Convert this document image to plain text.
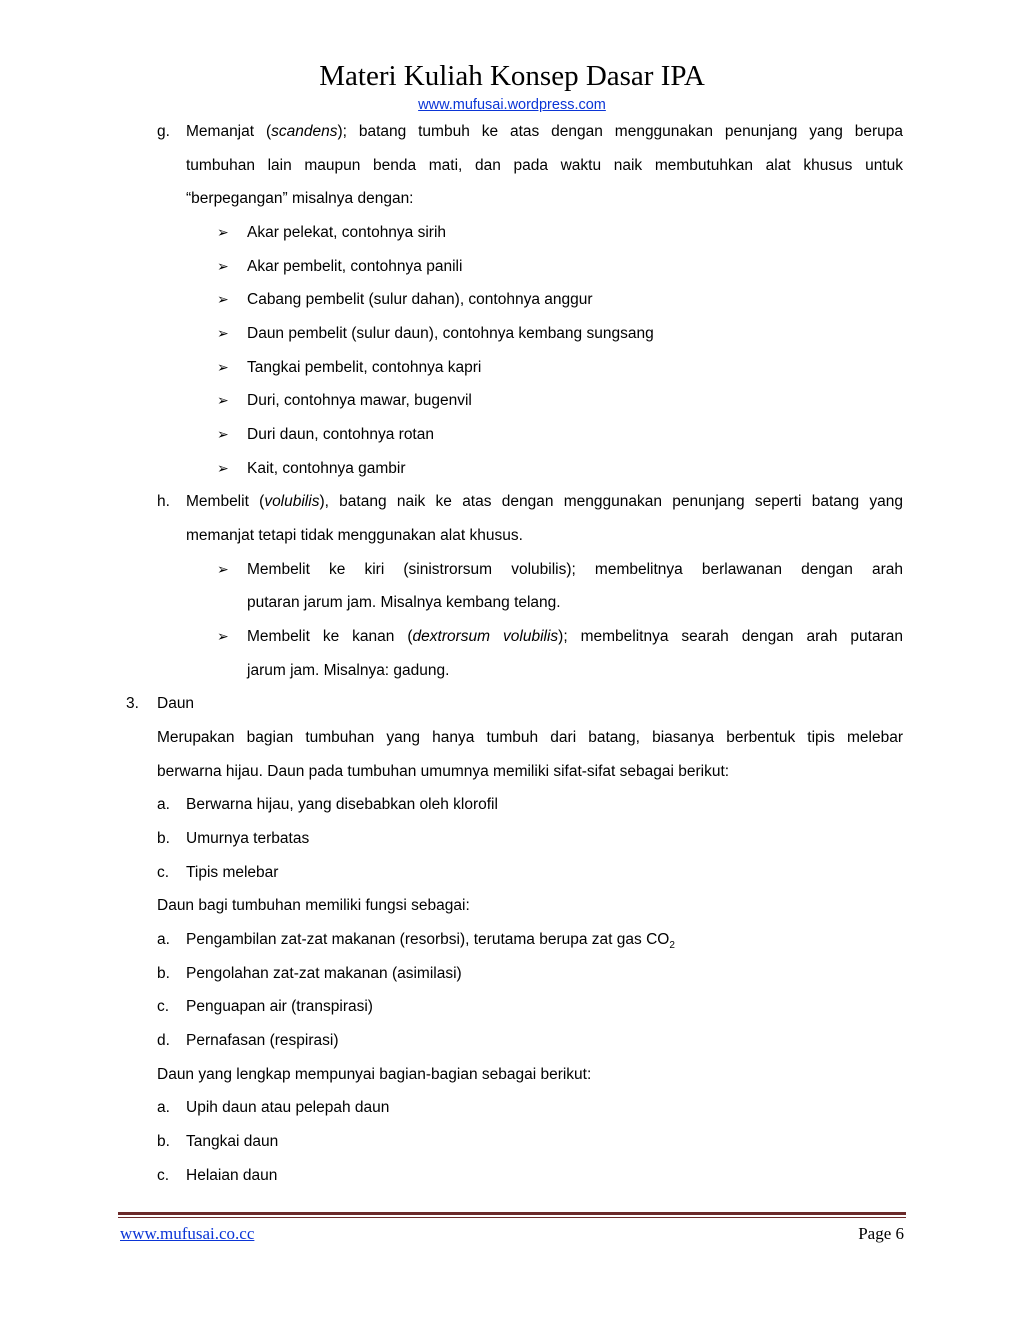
Materi Kuliah Konsep Dasar IPA
www.mufusai.wordpress.com
g. Memanjat (scandens); batang tumbuh ke atas dengan menggunakan penunjang yang berupa
tumbuhan lain maupun benda mati, dan pada waktu naik membutuhkan alat khusus untuk
“berpegangan” misalnya dengan:
➢ Akar pelekat, contohnya sirih
➢ Akar pembelit, contohnya panili
➢ Cabang pembelit (sulur dahan), contohnya anggur
➢ Daun pembelit (sulur daun), contohnya kembang sungsang
➢ Tangkai pembelit, contohnya kapri
➢ Duri, contohnya mawar, bugenvil
➢ Duri daun, contohnya rotan
➢ Kait, contohnya gambir
h. Membelit (volubilis), batang naik ke atas dengan menggunakan penunjang seperti batang yang
memanjat tetapi tidak menggunakan alat khusus.
➢ Membelit ke kiri (sinistrorsum volubilis); membelitnya berlawanan dengan arah
putaran jarum jam. Misalnya kembang telang.
➢ Membelit ke kanan (dextrorsum volubilis); membelitnya searah dengan arah putaran
jarum jam. Misalnya: gadung.
3. Daun
Merupakan bagian tumbuhan yang hanya tumbuh dari batang, biasanya berbentuk tipis melebar
berwarna hijau. Daun pada tumbuhan umumnya memiliki sifat-sifat sebagai berikut:
a. Berwarna hijau, yang disebabkan oleh klorofil
b. Umurnya terbatas
c. Tipis melebar
Daun bagi tumbuhan memiliki fungsi sebagai:
a. Pengambilan zat-zat makanan (resorbsi), terutama berupa zat gas $CO_2$
b. Pengolahan zat-zat makanan (asimilasi)
c. Penguapan air (transpirasi)
d. Pernafasan (respirasi)
Daun yang lengkap mempunyai bagian-bagian sebagai berikut:
a. Upih daun atau pelepah daun
b. Tangkai daun
c. Helaian daun
www.mufusai.co.cc	Page 6
